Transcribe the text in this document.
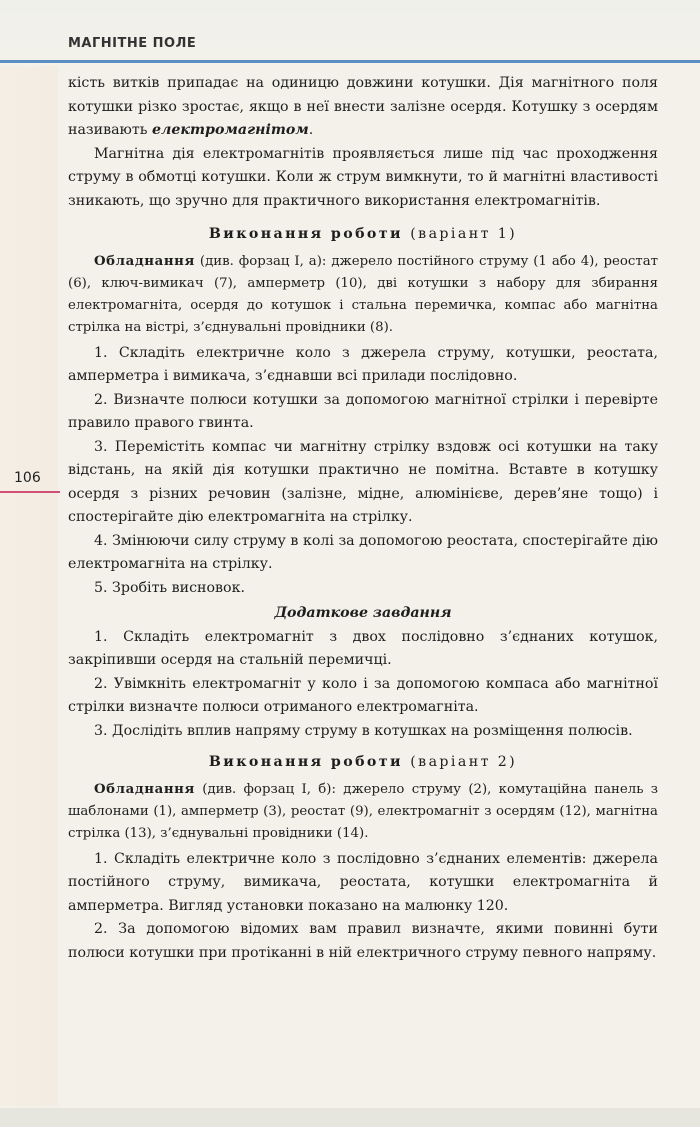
МАГНІТНЕ ПОЛЕ
106

кість витків припадає на одиницю довжини котушки. Дія магнітного поля котушки різко зростає, якщо в неї внести залізне осердя. Котушку з осердям називають електромагнітом.

Магнітна дія електромагнітів проявляється лише під час проходження струму в обмотці котушки. Коли ж струм вимкнути, то й магнітні властивості зникають, що зручно для практичного використання електромагнітів.

Виконання роботи (варіант 1)

Обладнання (див. форзац I, а): джерело постійного струму (1 або 4), реостат (6), ключ-вимикач (7), амперметр (10), дві котушки з набору для збирання електромагніта, осердя до котушок і стальна перемичка, компас або магнітна стрілка на вістрі, з’єднувальні провідники (8).

1. Складіть електричне коло з джерела струму, котушки, реостата, амперметра і вимикача, з’єднавши всі прилади послідовно.

2. Визначте полюси котушки за допомогою магнітної стрілки і перевірте правило правого гвинта.

3. Перемістіть компас чи магнітну стрілку вздовж осі котушки на таку відстань, на якій дія котушки практично не помітна. Вставте в котушку осердя з різних речовин (залізне, мідне, алюмінієве, дерев’яне тощо) і спостерігайте дію електромагніта на стрілку.

4. Змінюючи силу струму в колі за допомогою реостата, спостерігайте дію електромагніта на стрілку.

5. Зробіть висновок.

Додаткове завдання

1. Складіть електромагніт з двох послідовно з’єднаних котушок, закріпивши осердя на стальній перемичці.

2. Увімкніть електромагніт у коло і за допомогою компаса або магнітної стрілки визначте полюси отриманого електромагніта.

3. Дослідіть вплив напряму струму в котушках на розміщення полюсів.

Виконання роботи (варіант 2)

Обладнання (див. форзац I, б): джерело струму (2), комутаційна панель з шаблонами (1), амперметр (3), реостат (9), електромагніт з осердям (12), магнітна стрілка (13), з’єднувальні провідники (14).

1. Складіть електричне коло з послідовно з’єднаних елементів: джерела постійного струму, вимикача, реостата, котушки електромагніта й амперметра. Вигляд установки показано на малюнку 120.

2. За допомогою відомих вам правил визначте, якими повинні бути полюси котушки при протіканні в ній електричного струму певного напряму.
